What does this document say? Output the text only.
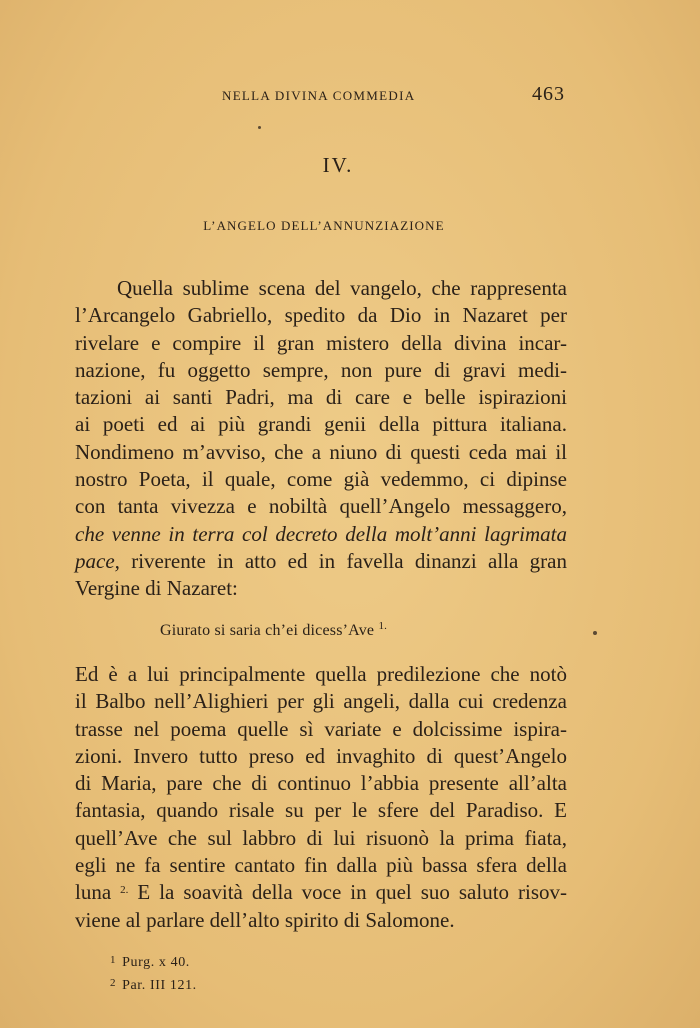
NELLA DIVINA COMMEDIA	463
IV.
L’ANGELO DELL’ANNUNZIAZIONE
Quella sublime scena del vangelo, che rappresenta
l’Arcangelo Gabriello, spedito da Dio in Nazaret per
rivelare e compire il gran mistero della divina incar-
nazione, fu oggetto sempre, non pure di gravi medi-
tazioni ai santi Padri, ma di care e belle ispirazioni
ai poeti ed ai più grandi genii della pittura italiana.
Nondimeno m’avviso, che a niuno di questi ceda mai il
nostro Poeta, il quale, come già vedemmo, ci dipinse
con tanta vivezza e nobiltà quell’Angelo messaggero,
che venne in terra col decreto della molt’anni lagrimata
pace, riverente in atto ed in favella dinanzi alla gran
Vergine di Nazaret:
Giurato si saria ch’ei dicess’Ave $^{1.}$
Ed è a lui principalmente quella predilezione che notò
il Balbo nell’Alighieri per gli angeli, dalla cui credenza
trasse nel poema quelle sì variate e dolcissime ispira-
zioni. Invero tutto preso ed invaghito di quest’Angelo
di Maria, pare che di continuo l’abbia presente all’alta
fantasia, quando risale su per le sfere del Paradiso. E
quell’Ave che sul labbro di lui risuonò la prima fiata,
egli ne fa sentire cantato fin dalla più bassa sfera della
luna $^{2.}$ E la soavità della voce in quel suo saluto risov-
viene al parlare dell’alto spirito di Salomone.
$^1$ Purg. x 40.
$^2$ Par. III 121.
